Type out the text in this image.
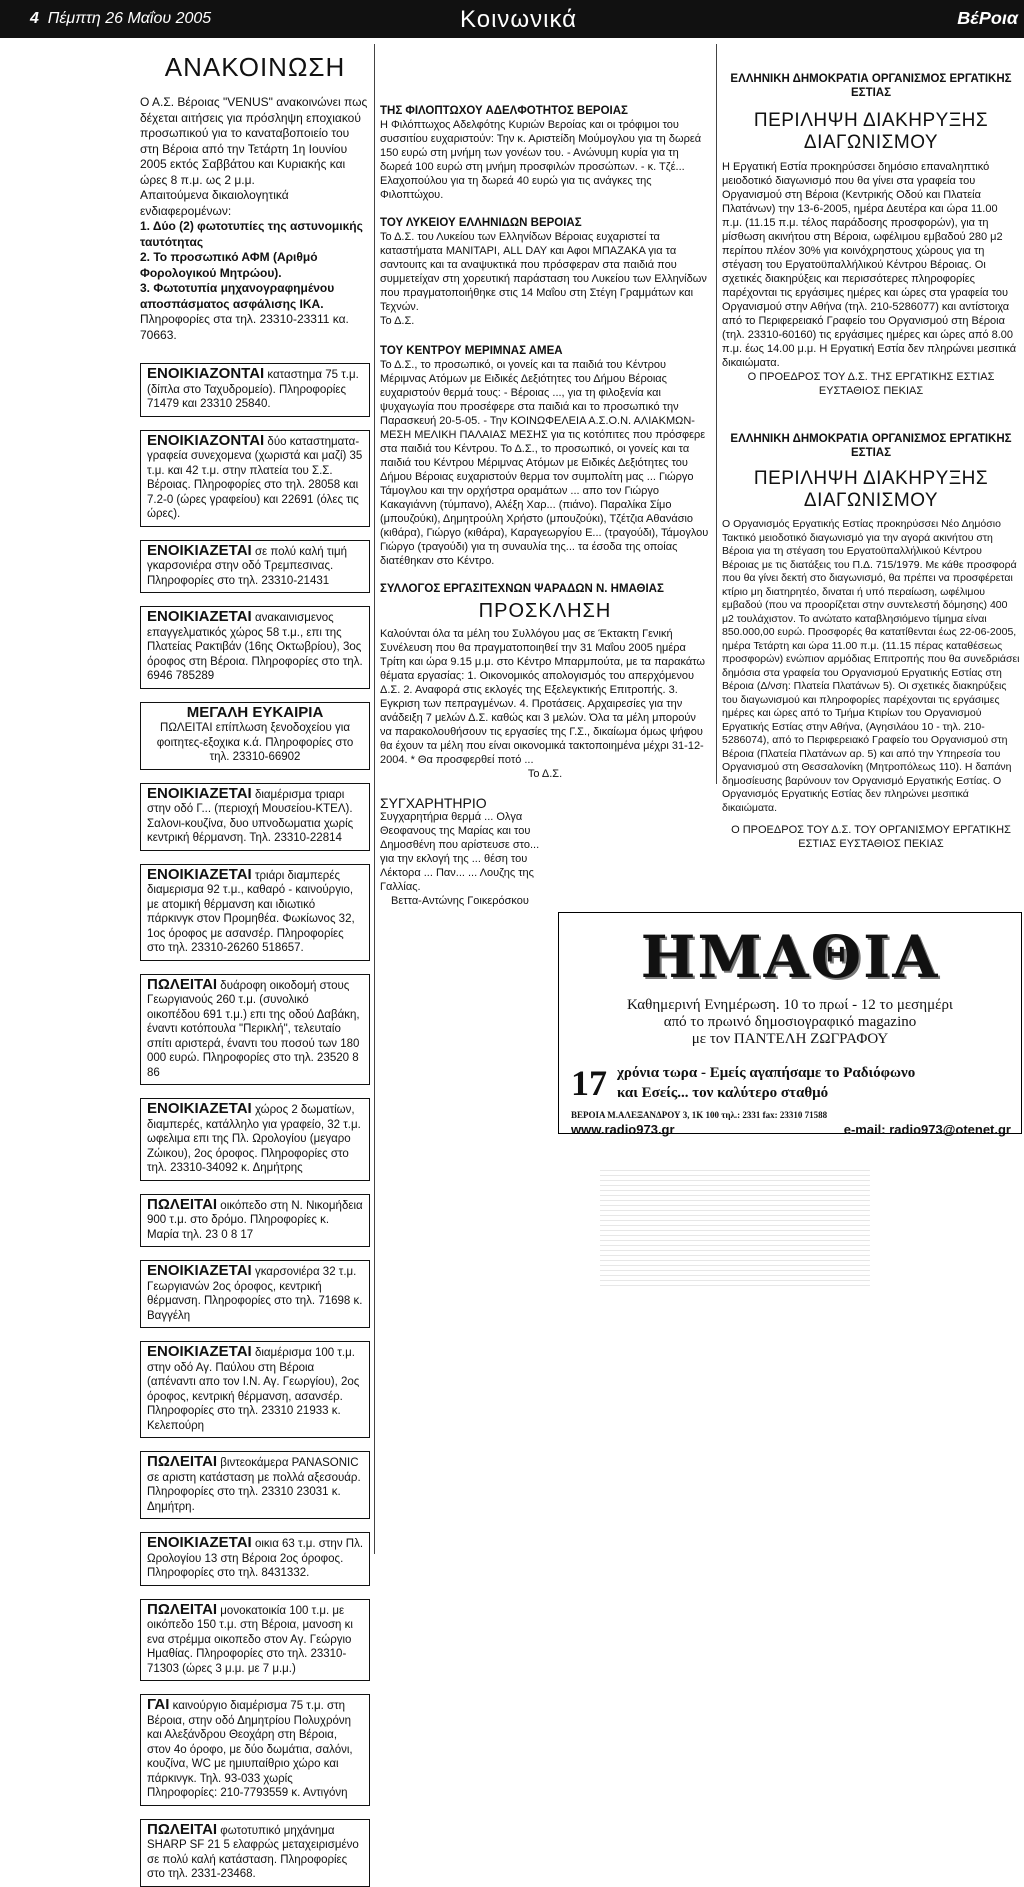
4 Πέμπτη 26 Μαΐου 2005	Κοινωνικά	ΒέΡοια
ΑΝΑΚΟΙΝΩΣΗ
Ο Α.Σ. Βέροιας "VENUS" ανακοινώνει πως δέχεται αιτήσεις για πρόσληψη εποχιακού προσωπικού για το καναταβοποιείο του στη Βέροια από την Τετάρτη 1η Ιουνίου 2005 εκτός Σαββάτου και Κυριακής και ώρες 8 π.μ. ως 2 μ.μ.
Απαιτούμενα δικαιολογητικά ενδιαφερομένων:
1. Δύο (2) φωτοτυπίες της αστυνομικής ταυτότητας
2. Το προσωπικό ΑΦΜ (Αριθμό Φορολογικού Μητρώου).
3. Φωτοτυπία μηχανογραφημένου αποσπάσματος ασφάλισης ΙΚΑ.
Πληροφορίες στα τηλ. 23310-23311 κα. 70663.
ΕΝΟΙΚΙΑΖΟΝΤΑΙ καταστημα 75 τ.μ. (δίπλα στο Ταχυδρομείο). Πληροφορίες 71479 και 23310 25840.
ΕΝΟΙΚΙΑΖΟΝΤΑΙ δύο καταστηματα-γραφεία συνεχομενα (χωριστά και μαζί) 35 τ.μ. και 42 τ.μ. στην πλατεία του Σ.Σ. Βέροιας. Πληροφορίες στο τηλ. 28058 και 7.2-0 (ώρες γραφείου) και 22691 (όλες τις ώρες).
ΕΝΟΙΚΙΑΖΕΤΑΙ σε πολύ καλή τιμή γκαρσονιέρα στην οδό Τρεμπεσινας. Πληροφορίες στο τηλ. 23310-21431
ΕΝΟΙΚΙΑΖΕΤΑΙ ανακαινισμενος επαγγελματικός χώρος 58 τ.μ., επι της Πλατείας Ρακτιβάν (16ης Οκτωβρίου), 3ος όροφος στη Βέροια. Πληροφορίες στο τηλ. 6946 785289
ΜΕΓΑΛΗ ΕΥΚΑΙΡΙΑ
ΠΩΛΕΙΤΑΙ επίπλωση ξενοδοχείου για φοιτητες-εξοχικα κ.ά. Πληροφορίες στο τηλ. 23310-66902
ΕΝΟΙΚΙΑΖΕΤΑΙ διαμέρισμα τριαρι στην οδό Γ... (περιοχή Μουσείου-ΚΤΕΛ). Σαλονι-κουζίνα, δυο υπνοδωματια χωρίς κεντρική θέρμανση. Τηλ. 23310-22814
ΕΝΟΙΚΙΑΖΕΤΑΙ τριάρι διαμπερές διαμερισμα 92 τ.μ., καθαρό - καινούργιο, με ατομική θέρμανση και ιδιωτικό πάρκινγκ στον Προμηθέα. Φωκίωνος 32, 1ος όροφος με ασανσέρ. Πληροφορίες στο τηλ. 23310-26260 518657.
ΠΩΛΕΙΤΑΙ δυάροφη οικοδομή στους Γεωργιανούς 260 τ.μ. (συνολικό οικοπέδου 691 τ.μ.) επι της οδού Δαβάκη, έναντι κοτόπουλα "Περικλή", τελευταίο σπίτι αριστερά, έναντι του ποσού των 180 000 ευρώ. Πληροφορίες στο τηλ. 23520 8 86
ΕΝΟΙΚΙΑΖΕΤΑΙ χώρος 2 δωματίων, διαμπερές, κατάλληλο για γραφείο, 32 τ.μ. ωφελιμα επι της Πλ. Ωρολογίου (μεγαρο Ζώικου), 2ος όροφος. Πληροφορίες στο τηλ. 23310-34092 κ. Δημήτρης
ΠΩΛΕΙΤΑΙ οικόπεδο στη Ν. Νικομήδεια 900 τ.μ. στο δρόμο. Πληροφορίες κ. Μαρία τηλ. 23 0 8 17
ΕΝΟΙΚΙΑΖΕΤΑΙ γκαρσονιέρα 32 τ.μ. Γεωργιανών 2ος όροφος, κεντρική θέρμανση. Πληροφορίες στο τηλ. 71698 κ. Βαγγέλη
ΕΝΟΙΚΙΑΖΕΤΑΙ διαμέρισμα 100 τ.μ. στην οδό Αγ. Παύλου στη Βέροια (απέναντι απο τον Ι.Ν. Αγ. Γεωργίου), 2ος όροφος, κεντρική θέρμανση, ασανσέρ. Πληροφορίες στο τηλ. 23310 21933 κ. Κελεπούρη
ΠΩΛΕΙΤΑΙ βιντεοκάμερα PANASONIC σε αριστη κατάσταση με πολλά αξεσουάρ. Πληροφορίες στο τηλ. 23310 23031 κ. Δημήτρη.
ΕΝΟΙΚΙΑΖΕΤΑΙ οικια 63 τ.μ. στην Πλ. Ωρολογίου 13 στη Βέροια 2ος όροφος. Πληροφορίες στο τηλ. 8431332.
ΠΩΛΕΙΤΑΙ μονοκατοικία 100 τ.μ. με οικόπεδο 150 τ.μ. στη Βέροια, μανοση κι ενα στρέμμα οικοπεδο στον Αγ. Γεώργιο Ημαθίας. Πληροφορίες στο τηλ. 23310-71303 (ώρες 3 μ.μ. με 7 μ.μ.)
ΓΑΙ καινούργιο διαμέρισμα 75 τ.μ. στη Βέροια, στην οδό Δημητρίου Πολυχρόνη και Αλεξάνδρου Θεοχάρη στη Βέροια, στον 4ο όροφο, με δύο δωμάτια, σαλόνι, κουζίνα, WC με ημιυπαίθριο χώρο και πάρκινγκ. Τηλ. 93-033 χωρίς Πληροφορίες: 210-7793559 κ. Αντιγόνη
ΠΩΛΕΙΤΑΙ φωτοτυπικό μηχάνημα SHARP SF 21 5 ελαφρώς μεταχειρισμένο σε πολύ καλή κατάσταση. Πληροφορίες στο τηλ. 2331-23468.
ΤΗΣ ΦΙΛΟΠΤΩΧΟΥ ΑΔΕΛΦΟΤΗΤΟΣ ΒΕΡΟΙΑΣ
Η Φιλόπτωχος Αδελφότης Κυριών Βεροίας και οι τρόφιμοι του συσσιτίου ευχαριστούν: Την κ. Αριστείδη Μούμογλου για τη δωρεά 150 ευρώ στη μνήμη των γονέων του. - Ανώνυμη κυρία για τη δωρεά 100 ευρώ στη μνήμη προσφιλών προσώπων. - κ. Τζέ... Ελαχοπούλου για τη δωρεά 40 ευρώ για τις ανάγκες της Φιλοπτώχου.
ΤΟΥ ΛΥΚΕΙΟΥ ΕΛΛΗΝΙΔΩΝ ΒΕΡΟΙΑΣ
Το Δ.Σ. του Λυκείου των Ελληνίδων Βέροιας ευχαριστεί τα καταστήματα ΜΑΝΙΤΑΡΙ, ALL DAY και Αφοι ΜΠΑΖΑΚΑ για τα σαντουιτς και τα αναψυκτικά που πρόσφεραν στα παιδιά που συμμετείχαν στη χορευτική παράσταση του Λυκείου των Ελληνίδων που πραγματοποιήθηκε στις 14 Μαΐου στη Στέγη Γραμμάτων και Τεχνών.
Το Δ.Σ.
ΤΟΥ ΚΕΝΤΡΟΥ ΜΕΡΙΜΝΑΣ ΑΜΕΑ
Το Δ.Σ., το προσωπικό, οι γονείς και τα παιδιά του Κέντρου Μέριμνας Ατόμων με Ειδικές Δεξιότητες του Δήμου Βέροιας ευχαριστούν θερμά τους: - Βέροιας ..., για τη φιλοξενία και ψυχαγωγία που προσέφερε στα παιδιά και το προσωπικό την Παρασκευή 20-5-05. - Την ΚΟΙΝΩΦΕΛΕΙΑ Α.Σ.Ο.Ν. ΑΛΙΑΚΜΩΝ-ΜΕΣΗ ΜΕΛΙΚΗ ΠΑΛΑΙΑΣ ΜΕΣΗΣ για τις κοτόπιτες που πρόσφερε στα παιδιά του Κέντρου. Το Δ.Σ., το προσωπικό, οι γονείς και τα παιδιά του Κέντρου Μέριμνας Ατόμων με Ειδικές Δεξιότητες του Δήμου Βέροιας ευχαριστούν θερμα τον συμπολίτη μας ... Γιώργο Τάμογλου και την ορχήστρα οραμάτων ... απο τον Γιώργο Κακαγιάννη (τύμπανο), Αλέξη Χαρ... (πιάνο). Παραλίκα Σίμο (μπουζούκι), Δημητρούλη Χρήστο (μπουζούκι), Τζέτζια Αθανάσιο (κιθάρα), Γιώργο (κιθάρα), Καραγεωργίου Ε... (τραγούδι), Τάμογλου Γιώργο (τραγούδι) για τη συναυλία της... τα έσοδα της οποίας διατέθηκαν στο Κέντρο.
ΣΥΛΛΟΓΟΣ ΕΡΓΑΣΙΤΕΧΝΩΝ ΨΑΡΑΔΩΝ Ν. ΗΜΑΘΙΑΣ
ΠΡΟΣΚΛΗΣΗ
Καλούνται όλα τα μέλη του Συλλόγου μας σε Έκτακτη Γενική Συνέλευση που θα πραγματοποιηθεί την 31 Μαΐου 2005 ημέρα Τρίτη και ώρα 9.15 μ.μ. στο Κέντρο Μπαρμπούτα, με τα παρακάτω θέματα εργασίας: 1. Οικονομικός απολογισμός του απερχόμενου Δ.Σ. 2. Αναφορά στις εκλογές της Εξελεγκτικής Επιτροπής. 3. Εγκριση των πεπραγμένων. 4. Προτάσεις. Αρχαιρεσίες για την ανάδειξη 7 μελών Δ.Σ. καθώς και 3 μελών. Όλα τα μέλη μπορούν να παρακολουθήσουν τις εργασίες της Γ.Σ., δικαίωμα όμως ψήφου θα έχουν τα μέλη που είναι οικονομικά τακτοποιημένα μέχρι 31-12-2004. * Θα προσφερθεί ποτό ...
Το Δ.Σ.
ΣΥΓΧΑΡΗΤΗΡΙΟ
Συγχαρητήρια θερμά ... Ολγα Θεοφανους της Μαρίας και του Δημοσθένη που αρίστευσε στο... για την εκλογή της ... θέση του Λέκτορα ... Παν... ... Λουζης της Γαλλίας.
Βεττα-Αντώνης Γοικερόσκου
ΕΛΛΗΝΙΚΗ ΔΗΜΟΚΡΑΤΙΑ ΟΡΓΑΝΙΣΜΟΣ ΕΡΓΑΤΙΚΗΣ ΕΣΤΙΑΣ
ΠΕΡΙΛΗΨΗ ΔΙΑΚΗΡΥΞΗΣ ΔΙΑΓΩΝΙΣΜΟΥ
Η Εργατική Εστία προκηρύσσει δημόσιο επαναληπτικό μειοδοτικό διαγωνισμό που θα γίνει στα γραφεία του Οργανισμού στη Βέροια (Κεντρικής Οδού και Πλατεία Πλατάνων) την 13-6-2005, ημέρα Δευτέρα και ώρα 11.00 π.μ. (11.15 π.μ. τέλος παράδοσης προσφορών), για τη μίσθωση ακινήτου στη Βέροια, ωφέλιμου εμβαδού 280 μ2 περίπου πλέον 30% για κοινόχρηστους χώρους για τη στέγαση του Εργατοϋπαλλήλικού Κέντρου Βέροιας. Οι σχετικές διακηρύξεις και περισσότερες πληροφορίες παρέχονται τις εργάσιμες ημέρες και ώρες στα γραφεία του Οργανισμού στην Αθήνα (τηλ. 210-5286077) και αντίστοιχα από το Περιφερειακό Γραφείο του Οργανισμού στη Βέροια (τηλ. 23310-60160) τις εργάσιμες ημέρες και ώρες από 8.00 π.μ. έως 14.00 μ.μ. Η Εργατική Εστία δεν πληρώνει μεσιτικά δικαιώματα.
Ο ΠΡΟΕΔΡΟΣ ΤΟΥ Δ.Σ. ΤΗΣ ΕΡΓΑΤΙΚΗΣ ΕΣΤΙΑΣ ΕΥΣΤΑΘΙΟΣ ΠΕΚΙΑΣ
ΕΛΛΗΝΙΚΗ ΔΗΜΟΚΡΑΤΙΑ ΟΡΓΑΝΙΣΜΟΣ ΕΡΓΑΤΙΚΗΣ ΕΣΤΙΑΣ
ΠΕΡΙΛΗΨΗ ΔΙΑΚΗΡΥΞΗΣ ΔΙΑΓΩΝΙΣΜΟΥ
Ο Οργανισμός Εργατικής Εστίας προκηρύσσει Νέο Δημόσιο Τακτικό μειοδοτικό διαγωνισμό για την αγορά ακινήτου στη Βέροια για τη στέγαση του Εργατοϋπαλλήλικού Κέντρου Βέροιας με τις διατάξεις του Π.Δ. 715/1979. Με κάθε προσφορά που θα γίνει δεκτή στο διαγωνισμό, θα πρέπει να προσφέρεται κτίριο μη διατηρητέο, διναται ή υπό περαίωση, ωφέλιμου εμβαδού (που να προορίζεται στην συντελεστή δόμησης) 400 μ2 τουλάχιστον. Το ανώτατο καταβλησιόμενο τίμημα είναι 850.000,00 ευρώ. Προσφορές θα κατατίθενται έως 22-06-2005, ημέρα Τετάρτη και ώρα 11.00 π.μ. (11.15 πέρας καταθέσεως προσφορών) ενώπιον αρμόδιας Επιτροπής που θα συνεδριάσει δημόσια στα γραφεία του Οργανισμού Εργατικής Εστίας στη Βέροια (Δ/νση: Πλατεία Πλατάνων 5). Οι σχετικές διακηρύξεις του διαγωνισμού και πληροφορίες παρέχονται τις εργάσιμες ημέρες και ώρες από το Τμήμα Κτιρίων του Οργανισμού Εργατικής Εστίας στην Αθήνα, (Αγησιλάου 10 - τηλ. 210-5286074), από το Περιφερειακό Γραφείο του Οργανισμού στη Βέροια (Πλατεία Πλατάνων αρ. 5) και από την Υπηρεσία του Οργανισμού στη Θεσσαλονίκη (Μητροπόλεως 110). Η δαπάνη δημοσίευσης βαρύνουν τον Οργανισμό Εργατικής Εστίας. Ο Οργανισμός Εργατικής Εστίας δεν πληρώνει μεσιτικά δικαιώματα.
Ο ΠΡΟΕΔΡΟΣ ΤΟΥ Δ.Σ. ΤΟΥ ΟΡΓΑΝΙΣΜΟΥ ΕΡΓΑΤΙΚΗΣ ΕΣΤΙΑΣ ΕΥΣΤΑΘΙΟΣ ΠΕΚΙΑΣ
ΗΜΑΘΙΑ
Καθημερινή Ενημέρωση. 10 το πρωί - 12 το μεσημέρι
από το πρωινό δημοσιογραφικό magazino
με τον ΠΑΝΤΕΛΗ ΖΩΓΡΑΦΟΥ
17 χρόνια τωρα - Εμείς αγαπήσαμε το Ραδιόφωνο
και Εσείς... τον καλύτερο σταθμό
ΒΕΡΟΙΑ Μ.ΑΛΕΞΑΝΔΡΟΥ 3, 1Κ 100 τηλ.: 2331 fax: 23310 71588
www.radio973.gr	e-mail: radio973@otenet.gr
